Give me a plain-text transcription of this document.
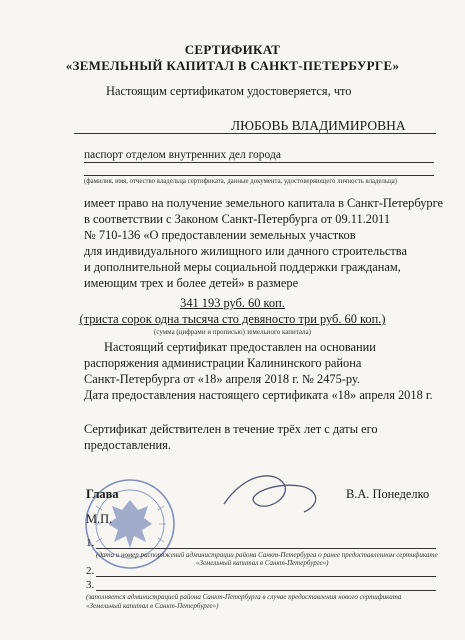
СЕРТИФИКАТ
«ЗЕМЕЛЬНЫЙ КАПИТАЛ В САНКТ-ПЕТЕРБУРГЕ»
Настоящим сертификатом удостоверяется, что
ЛЮБОВЬ ВЛАДИМИРОВНА
паспорт отделом внутренних дел города
(фамилия, имя, отчество владельца сертификата, данные документа, удостоверяющего личность владельца)
имеет право на получение земельного капитала в Санкт-Петербурге
в соответствии с Законом Санкт-Петербурга от 09.11.2011
№ 710-136 «О предоставлении земельных участков
для индивидуального жилищного или дачного строительства
и дополнительной меры социальной поддержки гражданам,
имеющим трех и более детей» в размере
341 193 руб. 60 коп.
(триста сорок одна тысяча сто девяносто три руб. 60 коп.)
(сумма (цифрами и прописью) земельного капитала)
Настоящий сертификат предоставлен на основании
распоряжения администрации Калининского района
Санкт-Петербурга от «18» апреля 2018 г. № 2475-ру.
Дата предоставления настоящего сертификата «18» апреля 2018 г.
Сертификат действителен в течение трёх лет с даты его
предоставления.
Глава	В.А. Понеделко
М.П.
1.
(дата и номер распоряжений администрации района Санкт-Петербурга о ранее предоставленном сертификате
«Земельный капитал в Санкт-Петербурге»)
2.
3.
(заполняется администрацией района Санкт-Петербурга в случае предоставления нового сертификата
«Земельный капитал в Санкт-Петербурге»)
